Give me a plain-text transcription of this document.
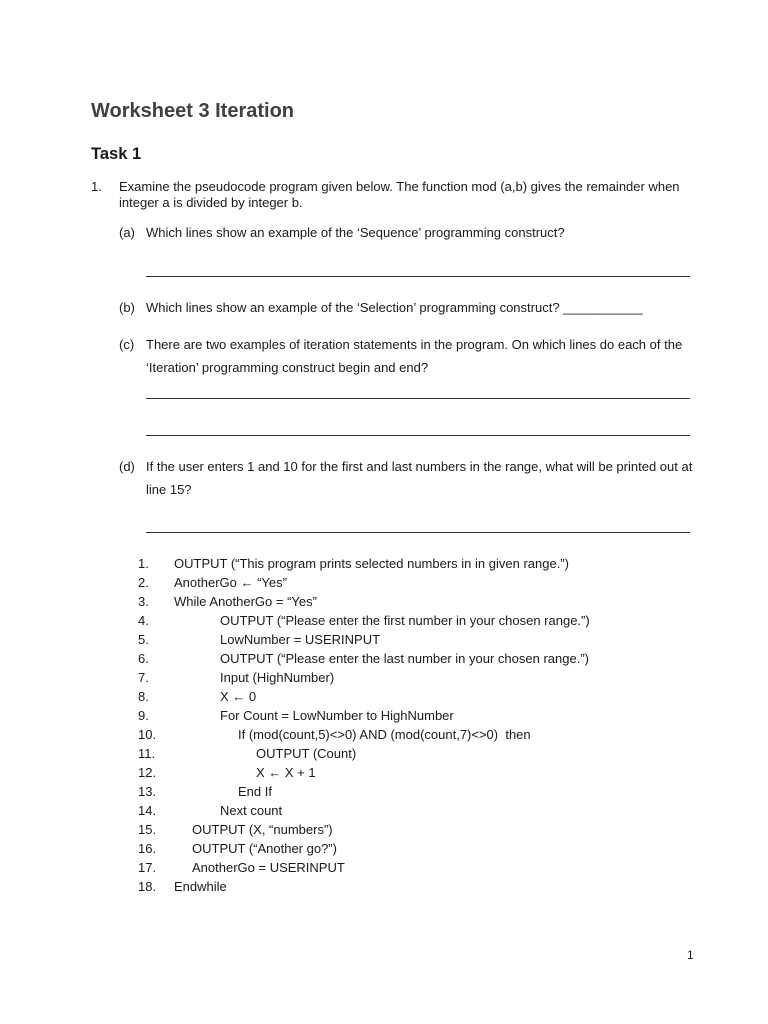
Worksheet 3 Iteration
Task 1
1. Examine the pseudocode program given below. The function mod (a,b) gives the remainder when integer a is divided by integer b.
(a) Which lines show an example of the ‘Sequence’ programming construct?
(b) Which lines show an example of the ‘Selection’ programming construct? ___________
(c) There are two examples of iteration statements in the program. On which lines do each of the ‘Iteration’ programming construct begin and end?
(d) If the user enters 1 and 10 for the first and last numbers in the range, what will be printed out at line 15?
1. OUTPUT (“This program prints selected numbers in in given range.”)
2. AnotherGo ← “Yes”
3. While AnotherGo = “Yes”
4.	OUTPUT (“Please enter the first number in your chosen range.”)
5.	LowNumber = USERINPUT
6.	OUTPUT (“Please enter the last number in your chosen range.”)
7.	Input (HighNumber)
8.	X ← 0
9.	For Count = LowNumber to HighNumber
10.	If (mod(count,5)<>0) AND (mod(count,7)<>0)  then
11.	OUTPUT (Count)
12.	X ← X + 1
13.	End If
14.	Next count
15.	OUTPUT (X, “numbers”)
16.	OUTPUT (“Another go?”)
17.	AnotherGo = USERINPUT
18. Endwhile
1
